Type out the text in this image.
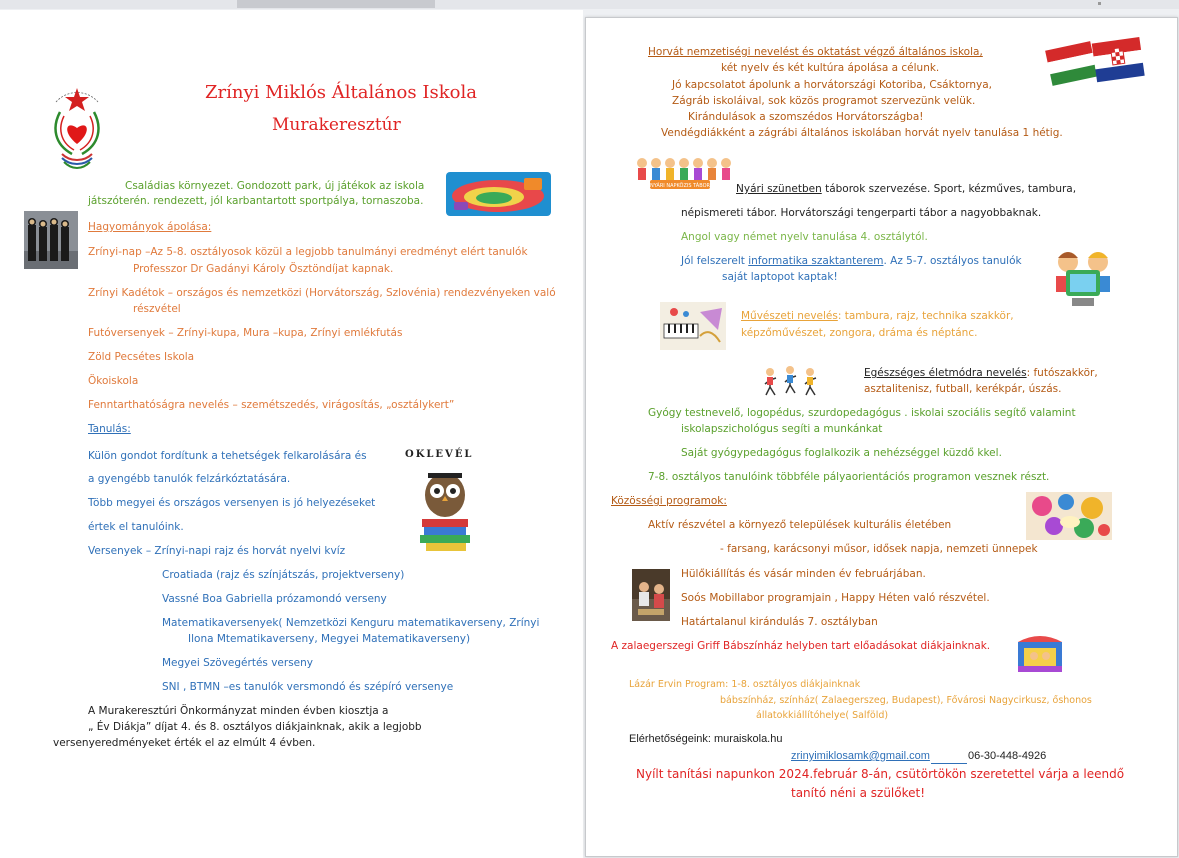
Zrínyi Miklós Általános Iskola
Murakeresztúr
Családias környezet. Gondozott park, új játékok az iskola
játszóterén. rendezett, jól karbantartott sportpálya, tornaszoba.
Hagyományok ápolása:
Zrínyi-nap –Az 5-8. osztályosok közül a legjobb tanulmányi eredményt elért tanulók
Professzor Dr Gadányi Károly Ösztöndíjat kapnak.
Zrínyi Kadétok – országos és nemzetközi (Horvátország, Szlovénia) rendezvényeken való
részvétel
Futóversenyek – Zrínyi-kupa, Mura –kupa, Zrínyi emlékfutás
Zöld Pecsétes Iskola
Ökoiskola
Fenntarthatóságra nevelés – szemétszedés, virágosítás, „osztálykert”
Tanulás:
Külön gondot fordítunk a tehetségek felkarolására és
a gyengébb tanulók felzárkóztatására.
Több megyei és országos versenyen is jó helyezéseket
értek el tanulóink.
OKLEVÉL
Versenyek – Zrínyi-napi rajz és horvát nyelvi kvíz
Croatiada (rajz és színjátszás, projektverseny)
Vassné Boa Gabriella prózamondó verseny
Matematikaversenyek( Nemzetközi Kenguru matematikaverseny, Zrínyi
Ilona Mtematikaverseny, Megyei Matematikaverseny)
Megyei Szövegértés verseny
SNI , BTMN –es tanulók versmondó és szépíró versenye
A Murakeresztúri Önkormányzat minden évben kiosztja a
„ Év Diákja” díjat 4. és 8. osztályos diákjainknak, akik a legjobb
versenyeredményeket érték el az elmúlt 4 évben.
Horvát nemzetiségi nevelést és oktatást végző általános iskola,
két nyelv és két kultúra ápolása a célunk.
Jó kapcsolatot ápolunk a horvátországi Kotoriba, Csáktornya,
Zágráb iskoláival, sok közös programot szervezünk velük.
Kirándulások a szomszédos Horvátországba!
Vendégdiákként a zágrábi általános iskolában horvát nyelv tanulása 1 hétig.
NYÁRI NAPKÖZIS TÁBOR Nyári szünetben táborok szervezése. Sport, kézműves, tambura,
népismereti tábor. Horvátországi tengerparti tábor a nagyobbaknak.
Angol vagy német nyelv tanulása 4. osztálytól.
Jól felszerelt informatika szaktanterem. Az 5-7. osztályos tanulók
saját laptopot kaptak!
Művészeti nevelés: tambura, rajz, technika szakkör,
képzőművészet, zongora, dráma és néptánc.
Egészséges életmódra nevelés: futószakkör,
asztalitenisz, futball, kerékpár, úszás.
Gyógy testnevelő, logopédus, szurdopedagógus . iskolai szociális segítő valamint
iskolapszichológus segíti a munkánkat
Saját gyógypedagógus foglalkozik a nehézséggel küzdő kkel.
7-8. osztályos tanulóink többféle pályaorientációs programon vesznek részt.
Közösségi programok:
Aktív részvétel a környező települések kulturális életében
- farsang, karácsonyi műsor, idősek napja, nemzeti ünnepek
Hülőkiállítás és vásár minden év februárjában.
Soós Mobillabor programjain , Happy Héten való részvétel.
Határtalanul kirándulás 7. osztályban
A zalaegerszegi Griff Bábszínház helyben tart előadásokat diákjainknak.
Lázár Ervin Program: 1-8. osztályos diákjainknak
bábszínház, színház( Zalaegerszeg, Budapest), Fővárosi Nagycirkusz, őshonos
állatokkiállítóhelye( Salföld)
Elérhetőségeink: muraiskola.hu
zrinyimiklosamk@gmail.com	06-30-448-4926
Nyílt tanítási napunkon 2024.február 8-án, csütörtökön szeretettel várja a leendő
tanító néni a szülőket!
